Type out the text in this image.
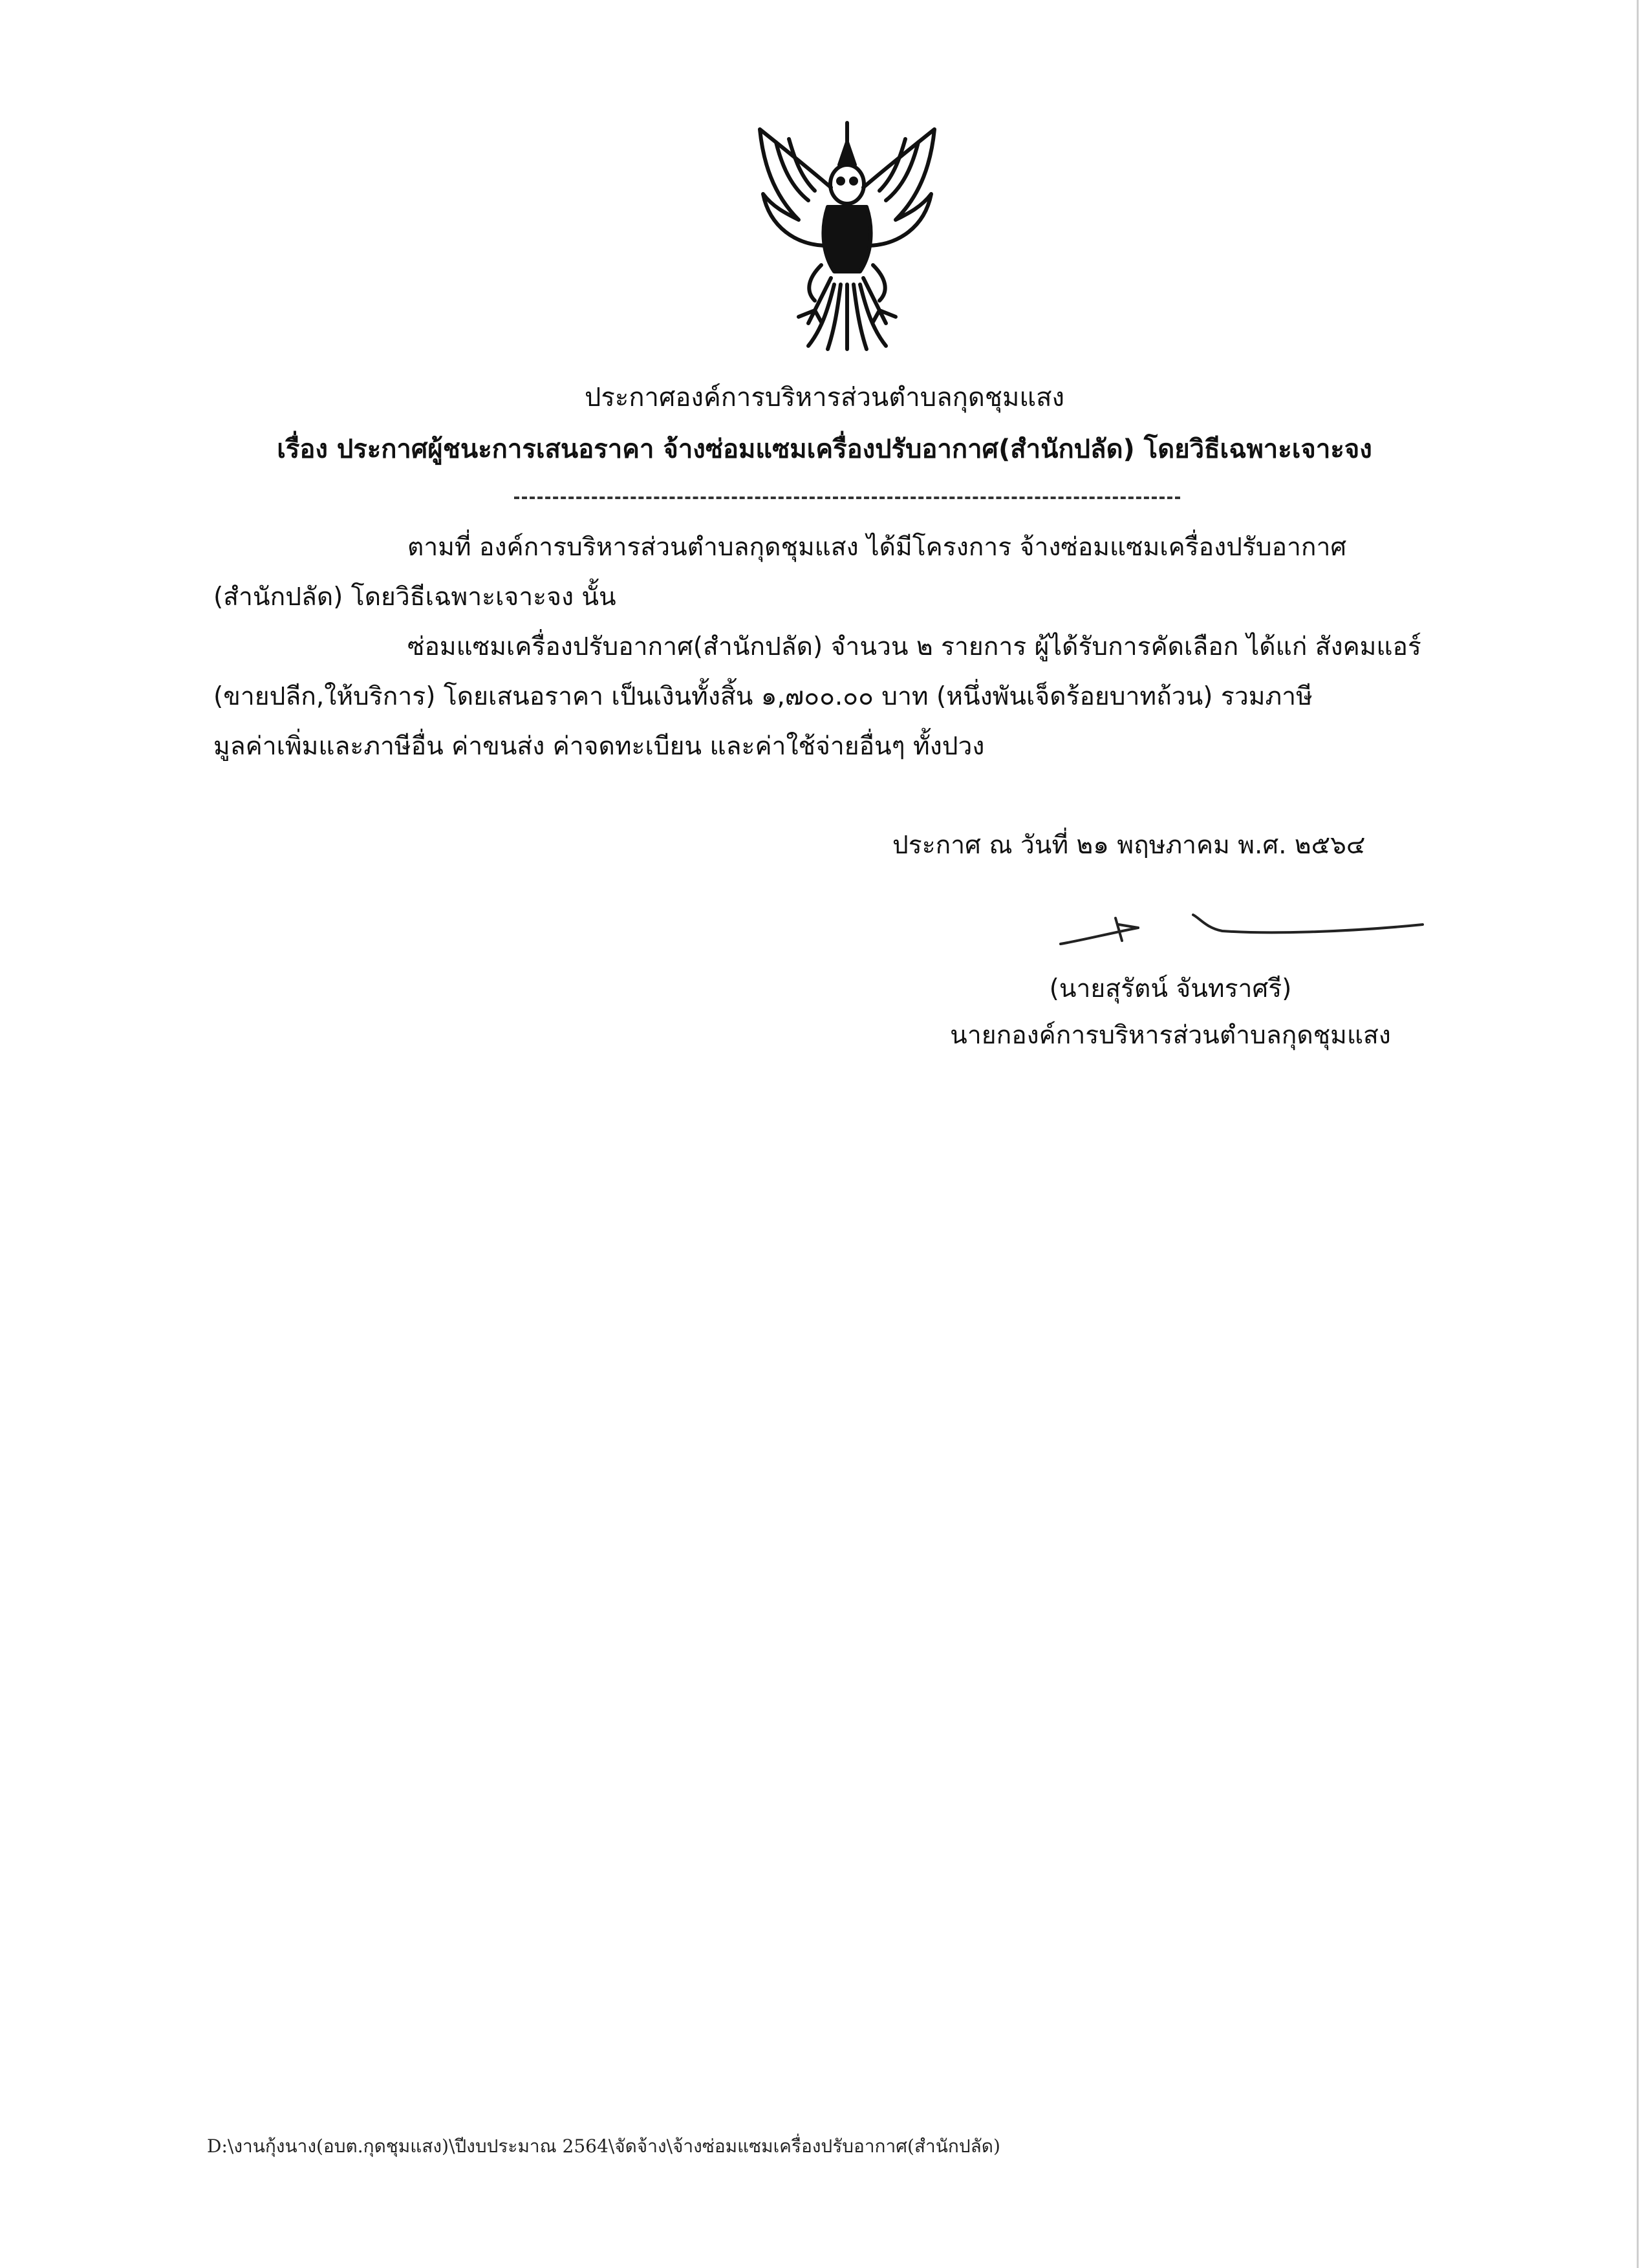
ประกาศองค์การบริหารส่วนตำบลกุดชุมแสง
เรื่อง ประกาศผู้ชนะการเสนอราคา จ้างซ่อมแซมเครื่องปรับอากาศ(สำนักปลัด) โดยวิธีเฉพาะเจาะจง
ตามที่ องค์การบริหารส่วนตำบลกุดชุมแสง ได้มีโครงการ จ้างซ่อมแซมเครื่องปรับอากาศ
(สำนักปลัด) โดยวิธีเฉพาะเจาะจง นั้น
ซ่อมแซมเครื่องปรับอากาศ(สำนักปลัด) จำนวน ๒ รายการ ผู้ได้รับการคัดเลือก ได้แก่ สังคมแอร์
(ขายปลีก,ให้บริการ) โดยเสนอราคา เป็นเงินทั้งสิ้น ๑,๗๐๐.๐๐ บาท (หนึ่งพันเจ็ดร้อยบาทถ้วน) รวมภาษี
มูลค่าเพิ่มและภาษีอื่น ค่าขนส่ง ค่าจดทะเบียน และค่าใช้จ่ายอื่นๆ ทั้งปวง
ประกาศ ณ วันที่ ๒๑ พฤษภาคม พ.ศ. ๒๕๖๔
(นายสุรัตน์ จันทราศรี)
นายกองค์การบริหารส่วนตำบลกุดชุมแสง
D:\งานกุ้งนาง(อบต.กุดชุมแสง)\ปีงบประมาณ 2564\จัดจ้าง\จ้างซ่อมแซมเครื่องปรับอากาศ(สำนักปลัด)
